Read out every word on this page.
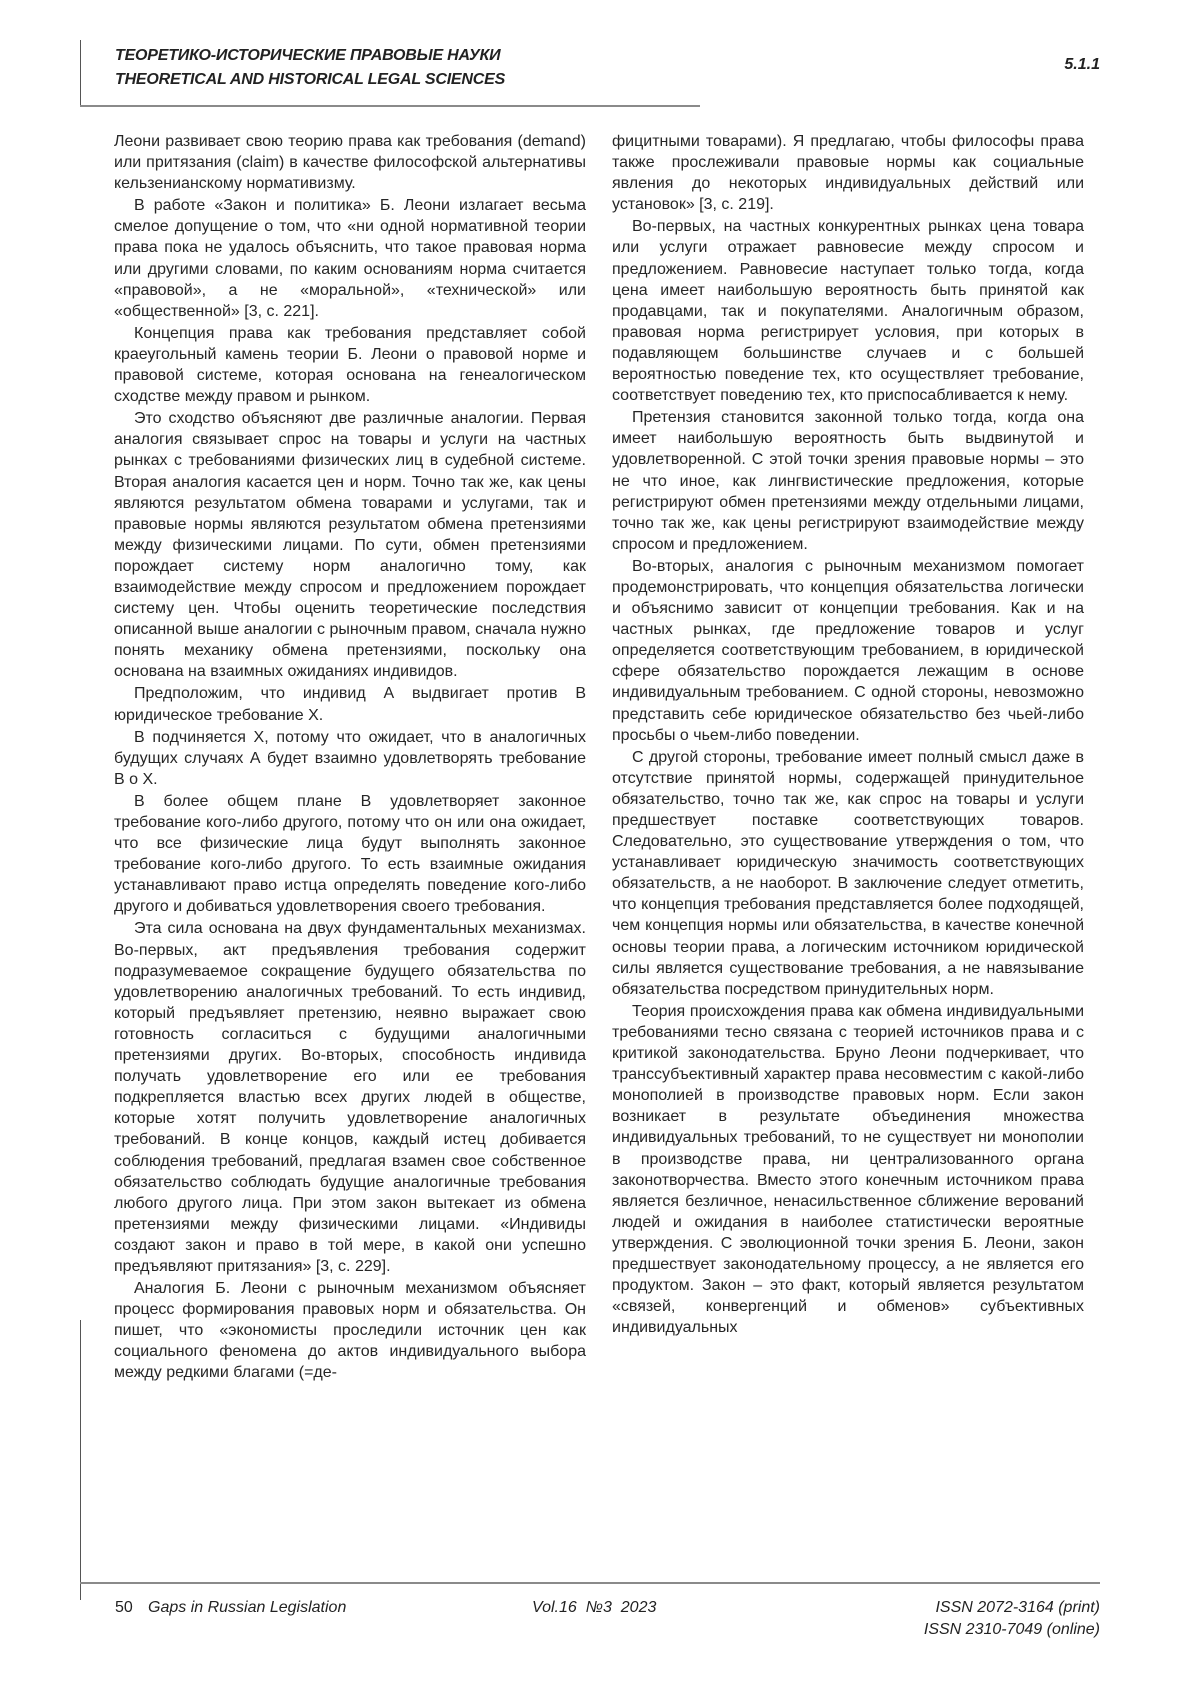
ТЕОРЕТИКО-ИСТОРИЧЕСКИЕ ПРАВОВЫЕ НАУКИ
THEORETICAL AND HISTORICAL LEGAL SCIENCES
5.1.1

Леони развивает свою теорию права как требования (demand) или притязания (claim) в качестве философской альтернативы кельзенианскому нормативизму.

В работе «Закон и политика» Б. Леони излагает весьма смелое допущение о том, что «ни одной нормативной теории права пока не удалось объяснить, что такое правовая норма или другими словами, по каким основаниям норма считается «правовой», а не «моральной», «технической» или «общественной» [3, с. 221].

Концепция права как требования представляет собой краеугольный камень теории Б. Леони о правовой норме и правовой системе, которая основана на генеалогическом сходстве между правом и рынком.

Это сходство объясняют две различные аналогии. Первая аналогия связывает спрос на товары и услуги на частных рынках с требованиями физических лиц в судебной системе. Вторая аналогия касается цен и норм. Точно так же, как цены являются результатом обмена товарами и услугами, так и правовые нормы являются результатом обмена претензиями между физическими лицами. По сути, обмен претензиями порождает систему норм аналогично тому, как взаимодействие между спросом и предложением порождает систему цен. Чтобы оценить теоретические последствия описанной выше аналогии с рыночным правом, сначала нужно понять механику обмена претензиями, поскольку она основана на взаимных ожиданиях индивидов.

Предположим, что индивид А выдвигает против В юридическое требование Х.

В подчиняется Х, потому что ожидает, что в аналогичных будущих случаях А будет взаимно удовлетворять требование В о Х.

В более общем плане В удовлетворяет законное требование кого-либо другого, потому что он или она ожидает, что все физические лица будут выполнять законное требование кого-либо другого. То есть взаимные ожидания устанавливают право истца определять поведение кого-либо другого и добиваться удовлетворения своего требования.

Эта сила основана на двух фундаментальных механизмах. Во-первых, акт предъявления требования содержит подразумеваемое сокращение будущего обязательства по удовлетворению аналогичных требований. То есть индивид, который предъявляет претензию, неявно выражает свою готовность согласиться с будущими аналогичными претензиями других. Во-вторых, способность индивида получать удовлетворение его или ее требования подкрепляется властью всех других людей в обществе, которые хотят получить удовлетворение аналогичных требований. В конце концов, каждый истец добивается соблюдения требований, предлагая взамен свое собственное обязательство соблюдать будущие аналогичные требования любого другого лица. При этом закон вытекает из обмена претензиями между физическими лицами. «Индивиды создают закон и право в той мере, в какой они успешно предъявляют притязания» [3, с. 229].

Аналогия Б. Леони с рыночным механизмом объясняет процесс формирования правовых норм и обязательства. Он пишет, что «экономисты проследили источник цен как социального феномена до актов индивидуального выбора между редкими благами (=де-

фицитными товарами). Я предлагаю, чтобы философы права также прослеживали правовые нормы как социальные явления до некоторых индивидуальных действий или установок» [3, с. 219].

Во-первых, на частных конкурентных рынках цена товара или услуги отражает равновесие между спросом и предложением. Равновесие наступает только тогда, когда цена имеет наибольшую вероятность быть принятой как продавцами, так и покупателями. Аналогичным образом, правовая норма регистрирует условия, при которых в подавляющем большинстве случаев и с большей вероятностью поведение тех, кто осуществляет требование, соответствует поведению тех, кто приспосабливается к нему.

Претензия становится законной только тогда, когда она имеет наибольшую вероятность быть выдвинутой и удовлетворенной. С этой точки зрения правовые нормы – это не что иное, как лингвистические предложения, которые регистрируют обмен претензиями между отдельными лицами, точно так же, как цены регистрируют взаимодействие между спросом и предложением.

Во-вторых, аналогия с рыночным механизмом помогает продемонстрировать, что концепция обязательства логически и объяснимо зависит от концепции требования. Как и на частных рынках, где предложение товаров и услуг определяется соответствующим требованием, в юридической сфере обязательство порождается лежащим в основе индивидуальным требованием. С одной стороны, невозможно представить себе юридическое обязательство без чьей-либо просьбы о чьем-либо поведении.

С другой стороны, требование имеет полный смысл даже в отсутствие принятой нормы, содержащей принудительное обязательство, точно так же, как спрос на товары и услуги предшествует поставке соответствующих товаров. Следовательно, это существование утверждения о том, что устанавливает юридическую значимость соответствующих обязательств, а не наоборот. В заключение следует отметить, что концепция требования представляется более подходящей, чем концепция нормы или обязательства, в качестве конечной основы теории права, а логическим источником юридической силы является существование требования, а не навязывание обязательства посредством принудительных норм.

Теория происхождения права как обмена индивидуальными требованиями тесно связана с теорией источников права и с критикой законодательства. Бруно Леони подчеркивает, что транссубъективный характер права несовместим с какой-либо монополией в производстве правовых норм. Если закон возникает в результате объединения множества индивидуальных требований, то не существует ни монополии в производстве права, ни централизованного органа законотворчества. Вместо этого конечным источником права является безличное, ненасильственное сближение верований людей и ожидания в наиболее статистически вероятные утверждения. С эволюционной точки зрения Б. Леони, закон предшествует законодательному процессу, а не является его продуктом. Закон – это факт, который является результатом «связей, конвергенций и обменов» субъективных индивидуальных

50 Gaps in Russian Legislation	Vol.16  №3  2023	ISSN 2072-3164 (print)
ISSN 2310-7049 (online)
